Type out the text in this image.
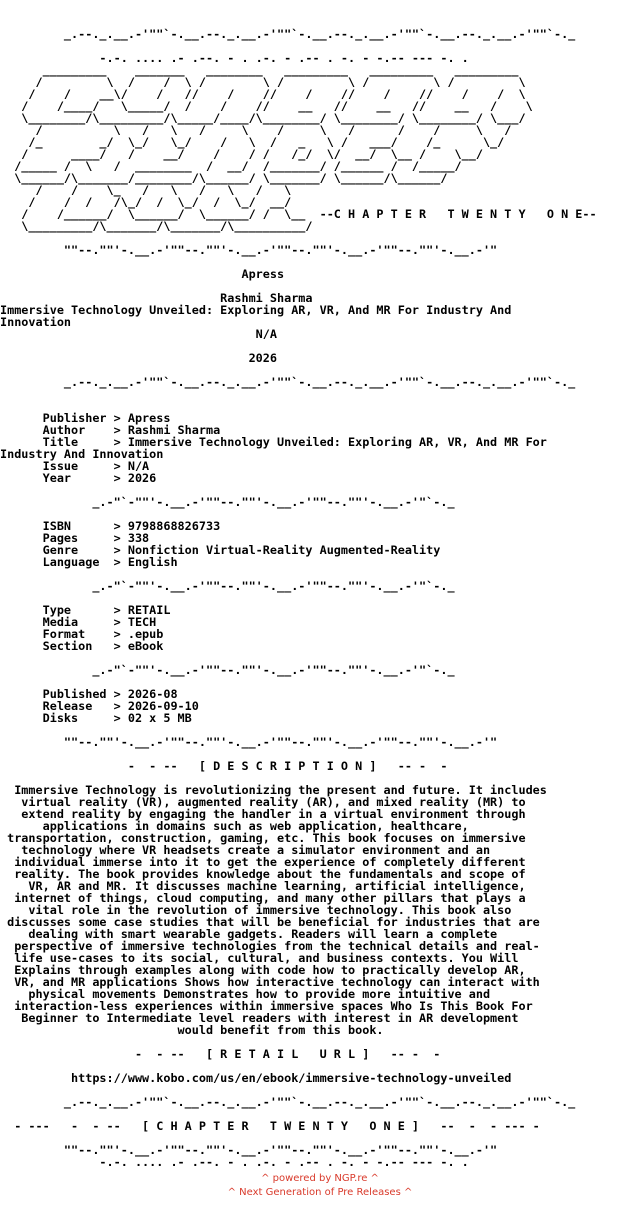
_.--._.__.-'""`-.__.--._.__.-'""`-.__.--._.__.-'""`-.__.--._.__.-'""`-._
-.-. .... .- .--. - . .-. - .-- . -. - -.-- --- -. .
_________    _______   ________   _________   _________   _________
/         \  /    /  \ /        \ /         \ /         \ /         \
/    /    __\/    /   //    /    //    /    //    /    //    /    /  \
/    /____/   \_____/  /    /    //    __   //    __   //    __   /    \
\________/\_________/\_____/____/\________/ \________/ \________/ \___/
/          \   /   \   /     \    /     \   /      /    /     \   /
/_        _/  \_/   \_/    /   \  /   _   \ /   ___/    /_      \_/
/      ____/   /    __/    /    / /   /_/  \/  __/  \__ /    \__/
/_____ /  \   /  ________  /  __/  /_______/ /______ /  /_____/
\______/\_______/________/\______/ \_______/ \______/\______/
/    /    \_   /   \   /   \   /   \
/    /  /   /\_/  /  \_/  /  \_/  __/
/    /______/  \______/  \______/ /  \__  --C H A P T E R   T W E N T Y   O N E--
\_________/\_______/\_______/\__________/
""--.""'-.__.-'""--.""'-.__.-'""--.""'-.__.-'""--.""'-.__.-'"
Apress
Rashmi Sharma
Immersive Technology Unveiled: Exploring AR, VR, And MR For Industry And
Innovation
N/A
2026
_.--._.__.-'""`-.__.--._.__.-'""`-.__.--._.__.-'""`-.__.--._.__.-'""`-._
Publisher > Apress
Author    > Rashmi Sharma
Title     > Immersive Technology Unveiled: Exploring AR, VR, And MR For
Industry And Innovation
Issue     > N/A
Year      > 2026
_.-"`-""'-.__.-'""--.""'-.__.-'""--.""'-.__.-'"`-._
ISBN      > 9798868826733
Pages     > 338
Genre     > Nonfiction Virtual-Reality Augmented-Reality
Language  > English
_.-"`-""'-.__.-'""--.""'-.__.-'""--.""'-.__.-'"`-._
Type      > RETAIL
Media     > TECH
Format    > .epub
Section   > eBook
_.-"`-""'-.__.-'""--.""'-.__.-'""--.""'-.__.-'"`-._
Published > 2026-08
Release   > 2026-09-10
Disks     > 02 x 5 MB
""--.""'-.__.-'""--.""'-.__.-'""--.""'-.__.-'""--.""'-.__.-'"
-  - --   [ D E S C R I P T I O N ]   -- -  -
Immersive Technology is revolutionizing the present and future. It includes
virtual reality (VR), augmented reality (AR), and mixed reality (MR) to
extend reality by engaging the handler in a virtual environment through
applications in domains such as web application, healthcare,
transportation, construction, gaming, etc. This book focuses on immersive
technology where VR headsets create a simulator environment and an
individual immerse into it to get the experience of completely different
reality. The book provides knowledge about the fundamentals and scope of
VR, AR and MR. It discusses machine learning, artificial intelligence,
internet of things, cloud computing, and many other pillars that plays a
vital role in the revolution of immersive technology. This book also
discusses some case studies that will be beneficial for industries that are
dealing with smart wearable gadgets. Readers will learn a complete
perspective of immersive technologies from the technical details and real-
life use-cases to its social, cultural, and business contexts. You Will
Explains through examples along with code how to practically develop AR,
VR, and MR applications Shows how interactive technology can interact with
physical movements Demonstrates how to provide more intuitive and
interaction-less experiences within immersive spaces Who Is This Book For
Beginner to Intermediate level readers with interest in AR development
would benefit from this book.
-  - --   [ R E T A I L   U R L ]   -- -  -
https://www.kobo.com/us/en/ebook/immersive-technology-unveiled
_.--._.__.-'""`-.__.--._.__.-'""`-.__.--._.__.-'""`-.__.--._.__.-'""`-._
- ---   -  - --   [ C H A P T E R   T W E N T Y   O N E ]   --  -  - --- -
""--.""'-.__.-'""--.""'-.__.-'""--.""'-.__.-'""--.""'-.__.-'"
-.-. .... .- .--. - . .-. - .-- . -. - -.-- --- -. .
^ powered by NGP.re ^
^ Next Generation of Pre Releases ^
